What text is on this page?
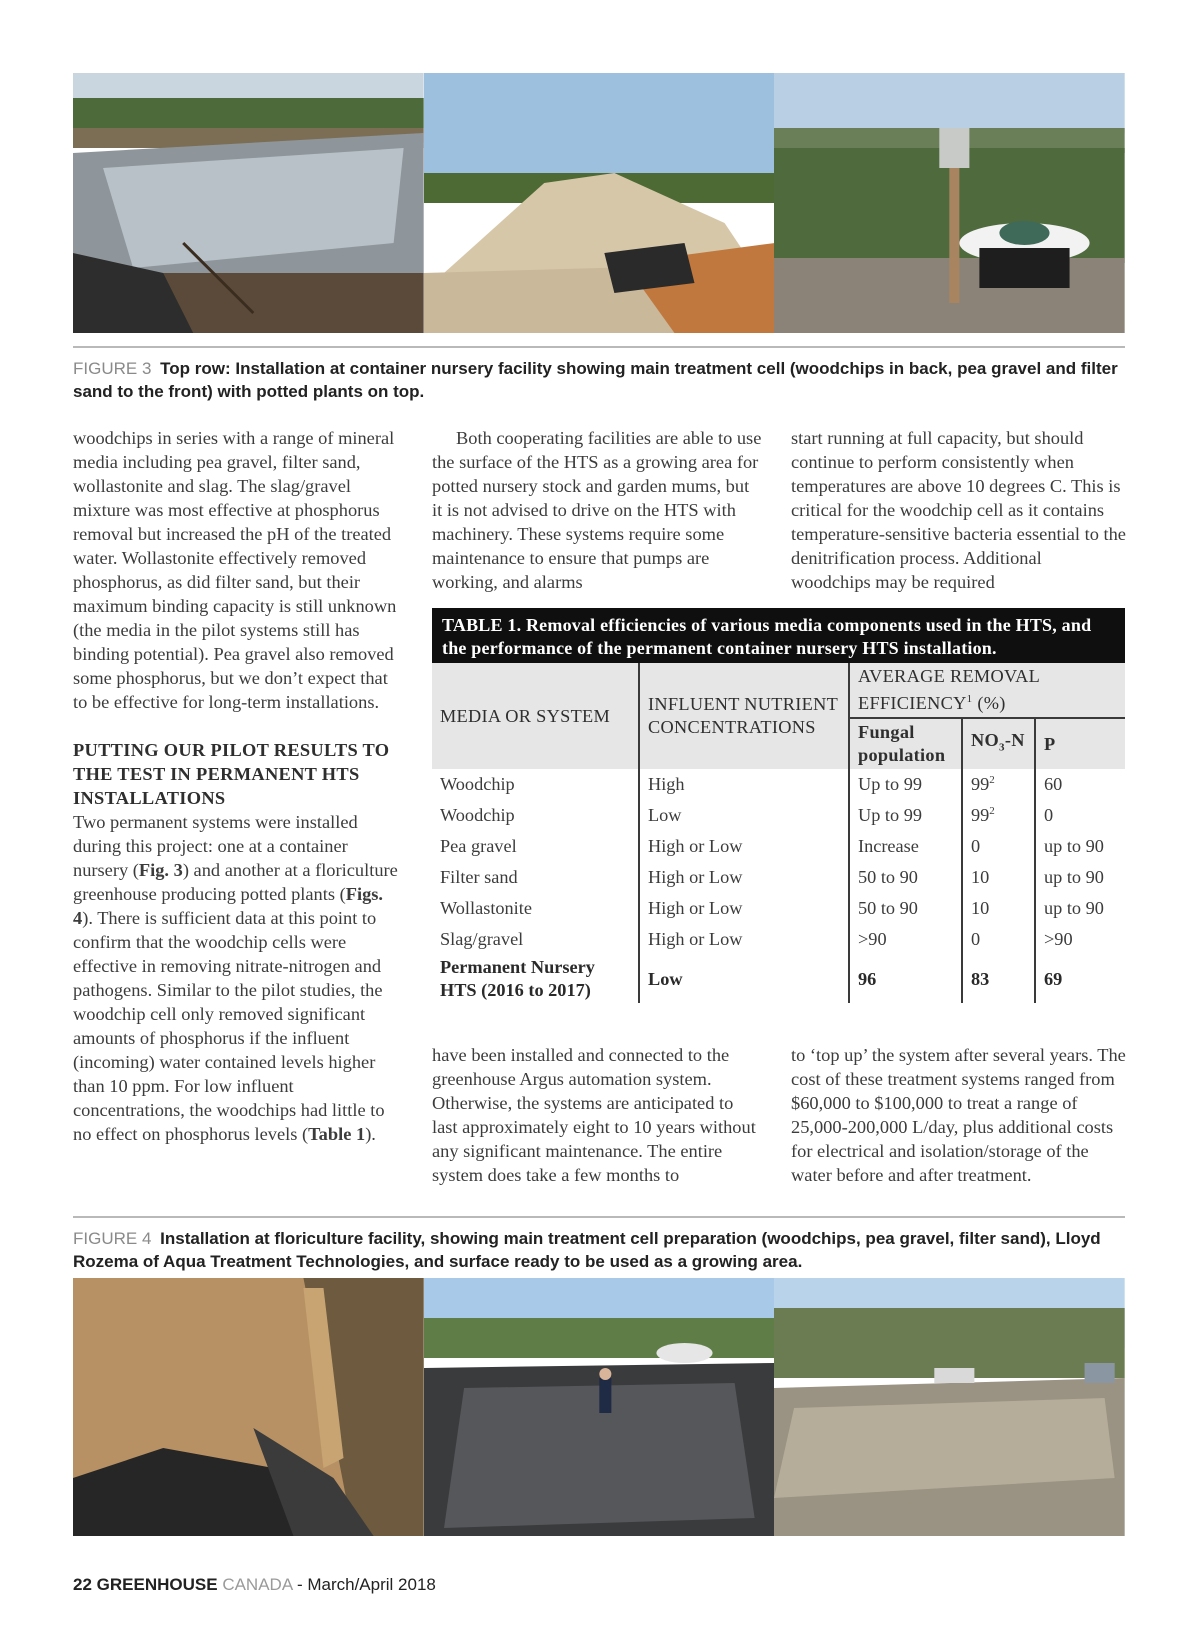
FIGURE 3 Top row: Installation at container nursery facility showing main treatment cell (woodchips in back, pea gravel and filter sand to the front) with potted plants on top.

woodchips in series with a range of mineral media including pea gravel, filter sand, wollastonite and slag. The slag/gravel mixture was most effective at phosphorus removal but increased the pH of the treated water. Wollastonite effectively removed phosphorus, as did filter sand, but their maximum binding capacity is still unknown (the media in the pilot systems still has binding potential). Pea gravel also removed some phosphorus, but we don’t expect that to be effective for long-term installations.

PUTTING OUR PILOT RESULTS TO THE TEST IN PERMANENT HTS INSTALLATIONS

Two permanent systems were installed during this project: one at a container nursery (Fig. 3) and another at a floriculture greenhouse producing potted plants (Figs. 4). There is sufficient data at this point to confirm that the woodchip cells were effective in removing nitrate-nitrogen and pathogens. Similar to the pilot studies, the woodchip cell only removed significant amounts of phosphorus if the influent (incoming) water contained levels higher than 10 ppm. For low influent concentrations, the woodchips had little to no effect on phosphorus levels (Table 1).

Both cooperating facilities are able to use the surface of the HTS as a growing area for potted nursery stock and garden mums, but it is not advised to drive on the HTS with machinery. These systems require some maintenance to ensure that pumps are working, and alarms

start running at full capacity, but should continue to perform consistently when temperatures are above 10 degrees C. This is critical for the woodchip cell as it contains temperature-sensitive bacteria essential to the denitrification process. Additional woodchips may be required

TABLE 1. Removal efficiencies of various media components used in the HTS, and the performance of the permanent container nursery HTS installation.
MEDIA OR SYSTEM	INFLUENT NUTRIENT CONCENTRATIONS	AVERAGE REMOVAL EFFICIENCY$^1$ (%)		
		Fungal population	$NO_3-N$	P
Woodchip	High	Up to 99	$99^2$	60
Woodchip	Low	Up to 99	$99^2$	0
Pea gravel	High or Low	Increase	0	up to 90
Filter sand	High or Low	50 to 90	10	up to 90
Wollastonite	High or Low	50 to 90	10	up to 90
Slag/gravel	High or Low	>90	0	>90
Permanent Nursery HTS (2016 to 2017)	Low	96	83	69

have been installed and connected to the greenhouse Argus automation system. Otherwise, the systems are anticipated to last approximately eight to 10 years without any significant maintenance. The entire system does take a few months to

to ‘top up’ the system after several years. The cost of these treatment systems ranged from $60,000 to $100,000 to treat a range of 25,000-200,000 L/day, plus additional costs for electrical and isolation/storage of the water before and after treatment.

FIGURE 4 Installation at floriculture facility, showing main treatment cell preparation (woodchips, pea gravel, filter sand), Lloyd Rozema of Aqua Treatment Technologies, and surface ready to be used as a growing area.
22 GREENHOUSE CANADA - March/April 2018
